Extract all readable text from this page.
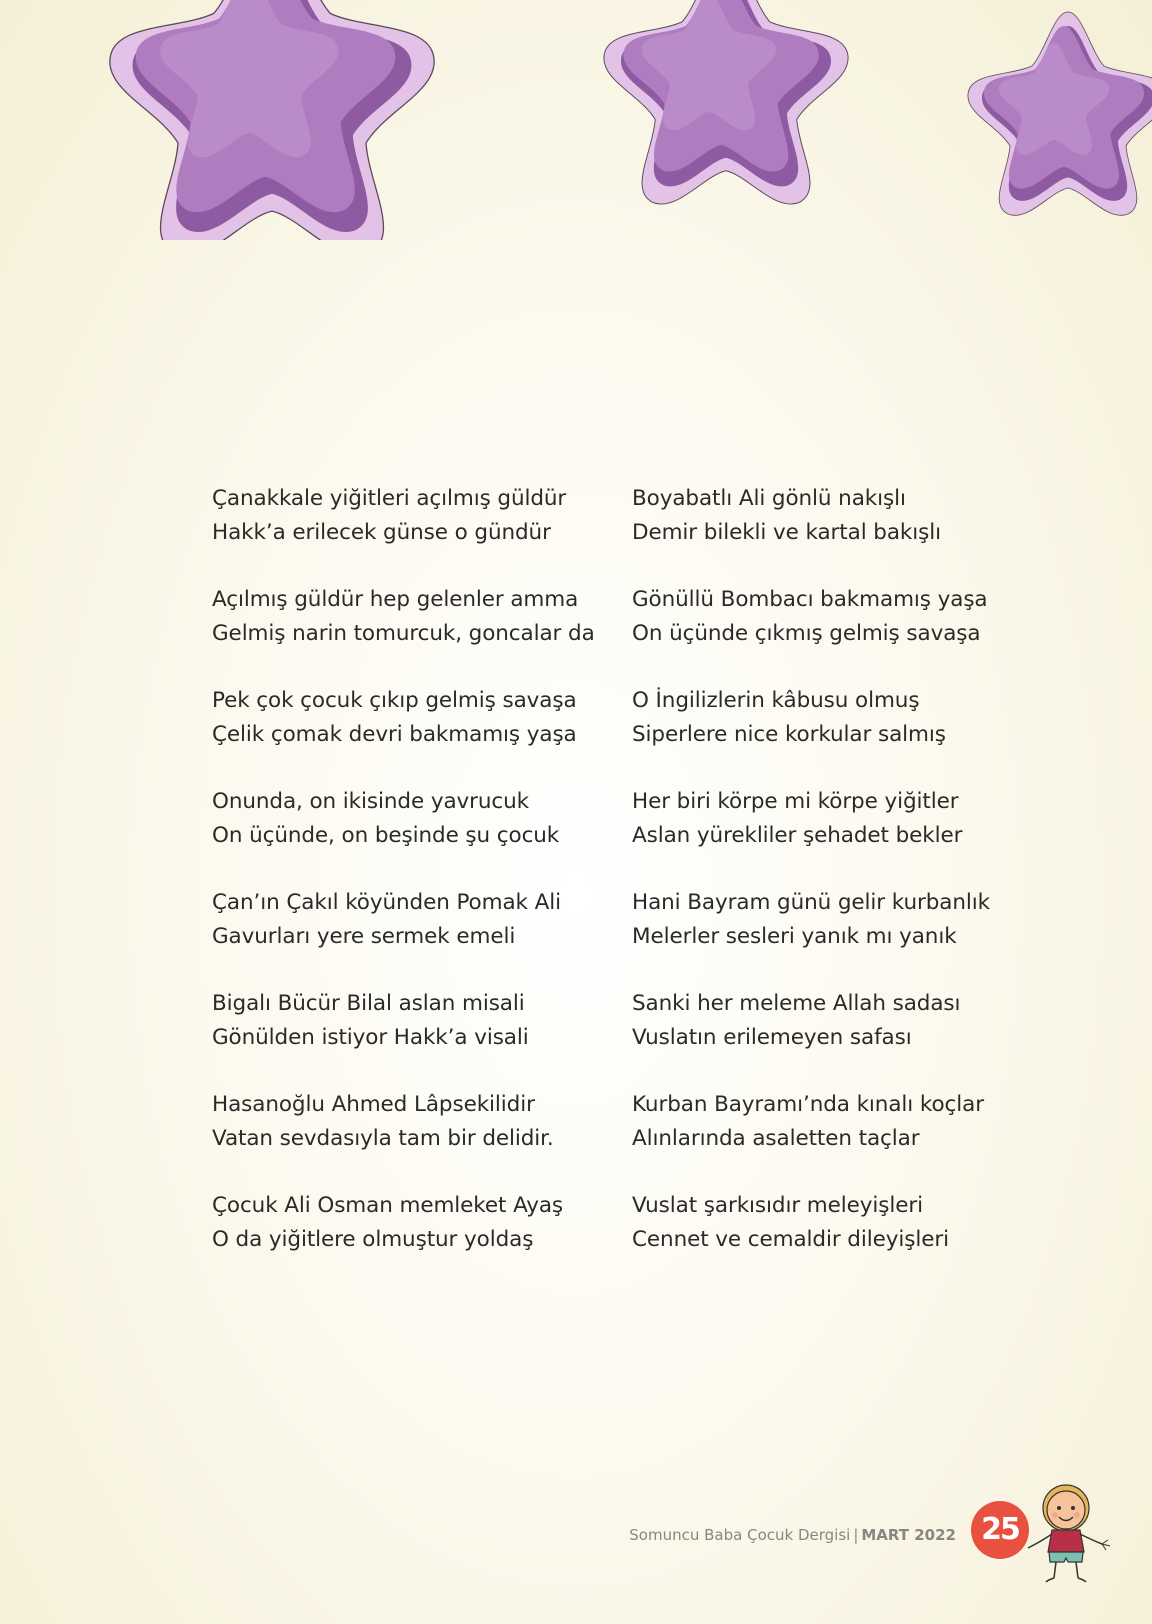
Çanakkale yiğitleri açılmış güldür
Hakk’a erilecek günse o gündür
Açılmış güldür hep gelenler amma
Gelmiş narin tomurcuk, goncalar da
Pek çok çocuk çıkıp gelmiş savaşa
Çelik çomak devri bakmamış yaşa
Onunda, on ikisinde yavrucuk
On üçünde, on beşinde şu çocuk
Çan’ın Çakıl köyünden Pomak Ali
Gavurları yere sermek emeli
Bigalı Bücür Bilal aslan misali
Gönülden istiyor Hakk’a visali
Hasanoğlu Ahmed Lâpsekilidir
Vatan sevdasıyla tam bir delidir.
Çocuk Ali Osman memleket Ayaş
O da yiğitlere olmuştur yoldaş
Boyabatlı Ali gönlü nakışlı
Demir bilekli ve kartal bakışlı
Gönüllü Bombacı bakmamış yaşa
On üçünde çıkmış gelmiş savaşa
O İngilizlerin kâbusu olmuş
Siperlere nice korkular salmış
Her biri körpe mi körpe yiğitler
Aslan yürekliler şehadet bekler
Hani Bayram günü gelir kurbanlık
Melerler sesleri yanık mı yanık
Sanki her meleme Allah sadası
Vuslatın erilemeyen safası
Kurban Bayramı’nda kınalı koçlar
Alınlarında asaletten taçlar
Vuslat şarkısıdır meleyişleri
Cennet ve cemaldir dileyişleri
Somuncu Baba Çocuk Dergisi | MART 2022 25
